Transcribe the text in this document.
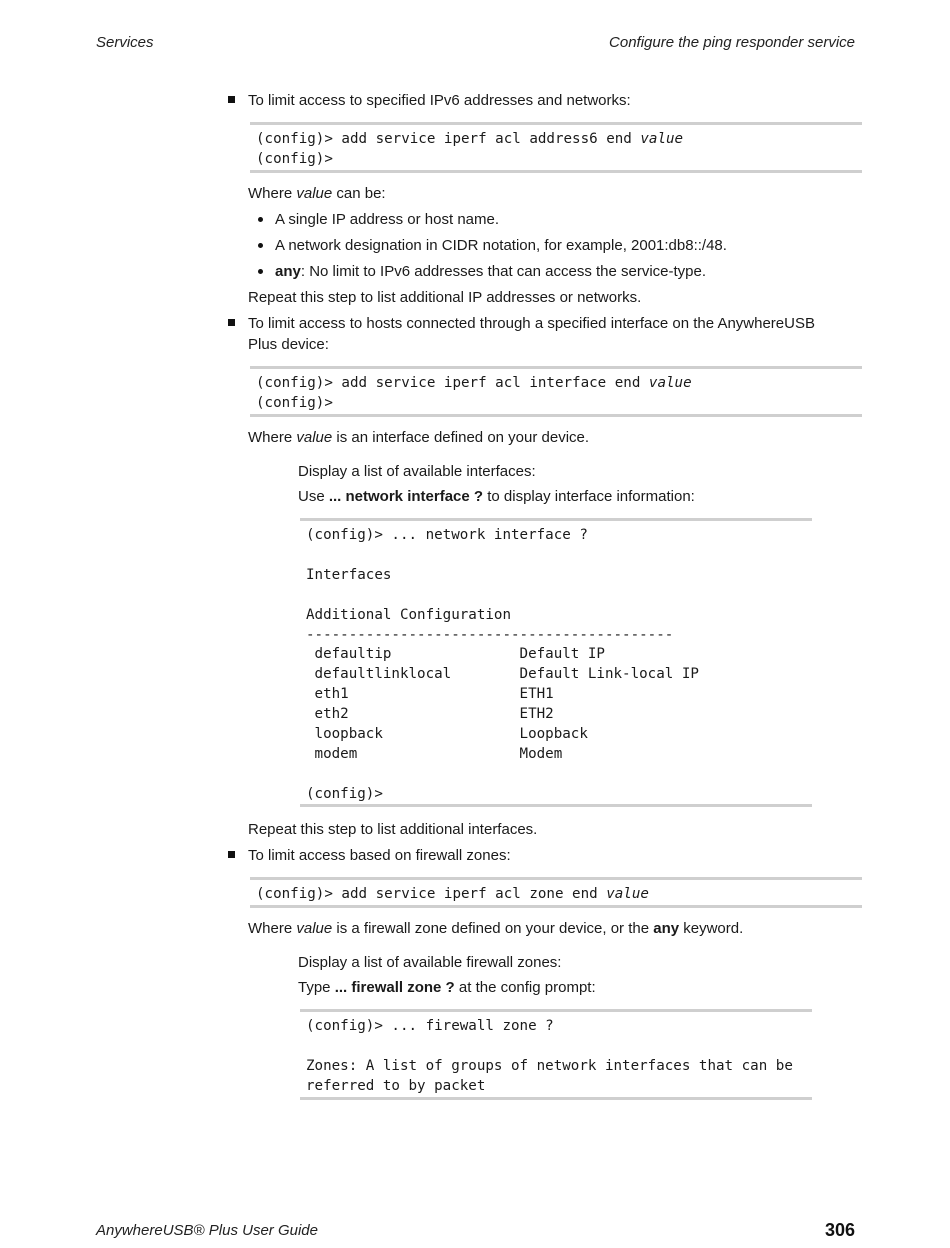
Services	Configure the ping responder service
To limit access to specified IPv6 addresses and networks:
(config)> add service iperf acl address6 end value
(config)>
Where value can be:
A single IP address or host name.
A network designation in CIDR notation, for example, 2001:db8::/48.
any: No limit to IPv6 addresses that can access the service-type.
Repeat this step to list additional IP addresses or networks.
To limit access to hosts connected through a specified interface on the AnywhereUSB
Plus device:
(config)> add service iperf acl interface end value
(config)>
Where value is an interface defined on your device.
Display a list of available interfaces:
Use ... network interface ? to display interface information:
(config)> ... network interface ?

Interfaces

Additional Configuration
-------------------------------------------
defaultip               Default IP
defaultlinklocal        Default Link-local IP
eth1                    ETH1
eth2                    ETH2
loopback                Loopback
modem                   Modem

(config)>
Repeat this step to list additional interfaces.
To limit access based on firewall zones:
(config)> add service iperf acl zone end value
Where value is a firewall zone defined on your device, or the any keyword.
Display a list of available firewall zones:
Type ... firewall zone ? at the config prompt:
(config)> ... firewall zone ?

Zones: A list of groups of network interfaces that can be
referred to by packet
AnywhereUSB® Plus User Guide	306
